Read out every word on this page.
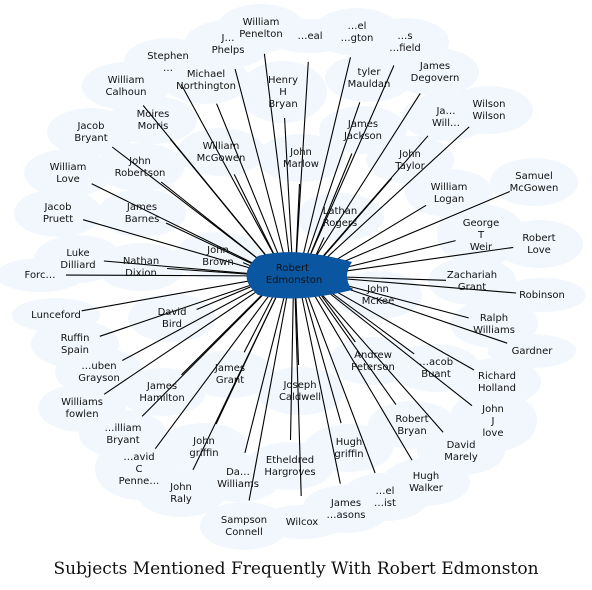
Robert Edmonston
William Penelton …eal
…el …gton	…s …field
Stephen …
J… Phelps
Michael Northington
Henry H Bryan
tyler Mauldan
James Degovern
William Calhoun
Moires Morris
Jacob Bryant
James Jackson
Ja… Will…
Wilson Wilson
William McGowen
John Marlow
John Taylor
William Love
John Robertson	Samuel McGowen
William Logan
Jacob Pruett
James Barnes
Lathan Rogers	George T Weir
Robert Love
Luke Dilliard
John Brown
Nathan Dixion
Forc…	Zachariah Grant
John McKee
Robinson
Lunceford	David Bird
Ralph Williams
Ruffin Spain	Gardner
…uben Grayson
Andrew Peterson …acob Buant
James Grant	Richard Holland
James Hamilton
Joseph Caldwell
Williams fowlen	John J love
Robert Bryan
…illiam Bryant	John griffin
Hugh griffin
David Marely
…avid C Penne…
Etheldred Hargroves
Da… Williams
Hugh Walker
John Raly
…el …ist
James …asons
Sampson Connell
Wilcox
Subjects Mentioned Frequently With Robert Edmonston
